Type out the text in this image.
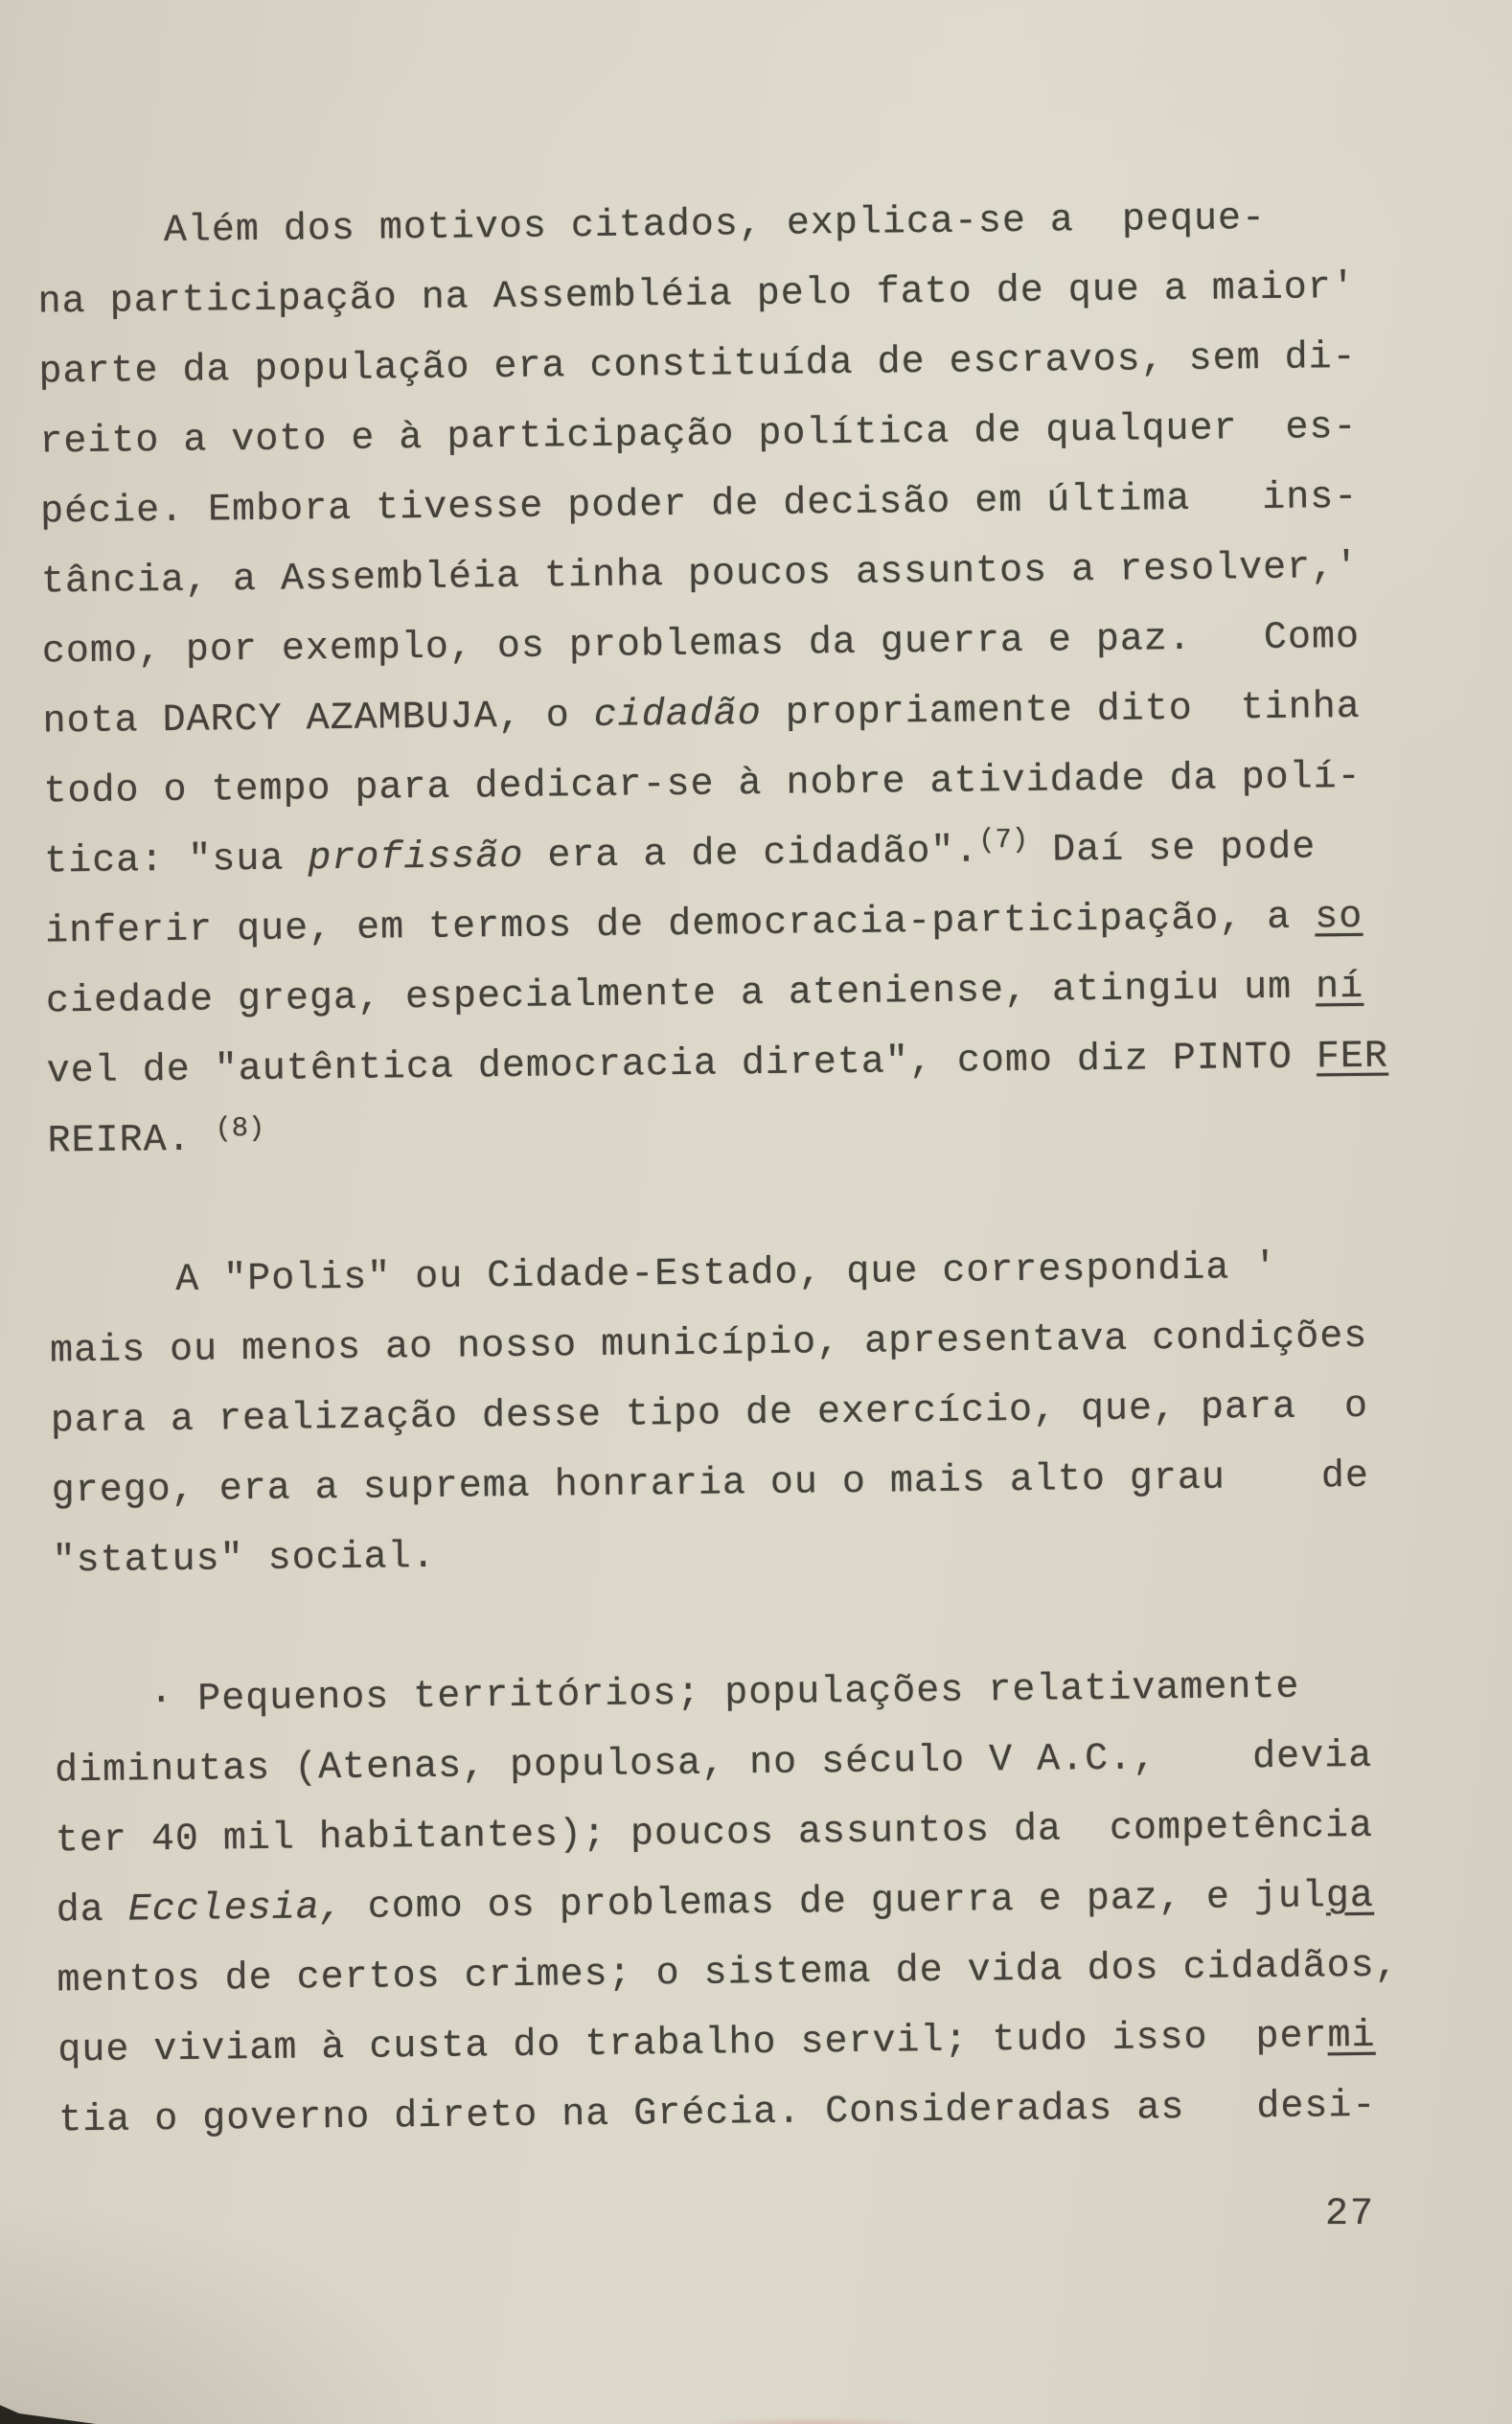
Além dos motivos citados, explica-se a  peque-
na participação na Assembléia pelo fato de que a maior'
parte da população era constituída de escravos, sem di-
reito a voto e à participação política de qualquer  es-
pécie. Embora tivesse poder de decisão em última   ins-
tância, a Assembléia tinha poucos assuntos a resolver,'
como, por exemplo, os problemas da guerra e paz.   Como
nota DARCY AZAMBUJA, o cidadão propriamente dito  tinha
todo o tempo para dedicar-se à nobre atividade da polí-
tica: "sua profissão era a de cidadão".$^{(7)}$ Daí se pode
inferir que, em termos de democracia-participação, a so
ciedade grega, especialmente a ateniense, atingiu um ní
vel de "autêntica democracia direta", como diz PINTO FER
REIRA. $^{(8)}$
A "Polis" ou Cidade-Estado, que correspondia '
mais ou menos ao nosso município, apresentava condições
para a realização desse tipo de exercício, que, para  o
grego, era a suprema honraria ou o mais alto grau    de
"status" social.
· Pequenos territórios; populações relativamente
diminutas (Atenas, populosa, no século V A.C.,    devia
ter 40 mil habitantes); poucos assuntos da  competência
da Ecclesia, como os problemas de guerra e paz, e julga
mentos de certos crimes; o sistema de vida dos cidadãos,
que viviam à custa do trabalho servil; tudo isso  permi
tia o governo direto na Grécia. Consideradas as   desi-
27
